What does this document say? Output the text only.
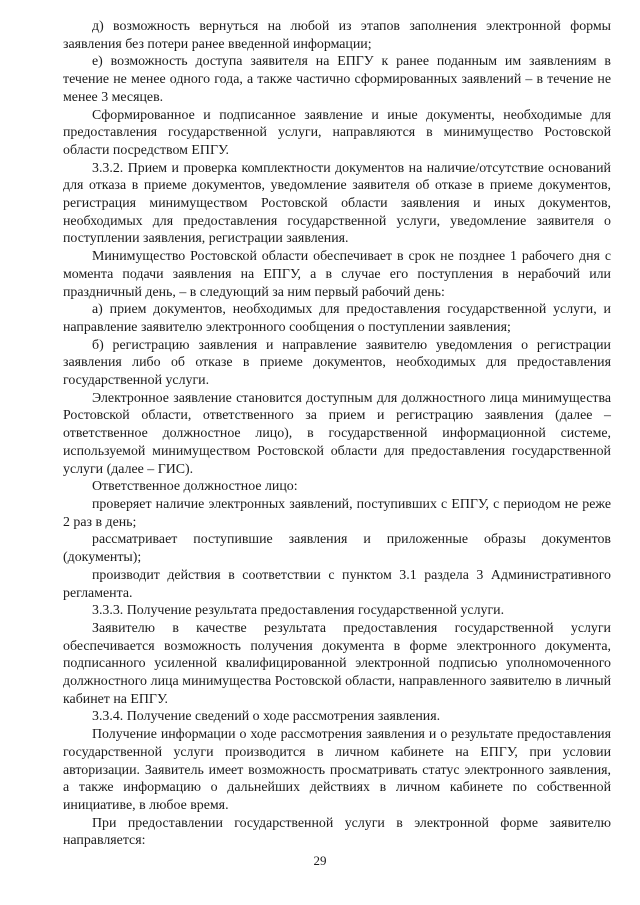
д) возможность вернуться на любой из этапов заполнения электронной формы заявления без потери ранее введенной информации;

е) возможность доступа заявителя на ЕПГУ к ранее поданным им заявлениям в течение не менее одного года, а также частично сформированных заявлений – в течение не менее 3 месяцев.

Сформированное и подписанное заявление и иные документы, необходимые для предоставления государственной услуги, направляются в минимущество Ростовской области посредством ЕПГУ.

3.3.2. Прием и проверка комплектности документов на наличие/отсутствие оснований для отказа в приеме документов, уведомление заявителя об отказе в приеме документов, регистрация минимуществом Ростовской области заявления и иных документов, необходимых для предоставления государственной услуги, уведомление заявителя о поступлении заявления, регистрации заявления.

Минимущество Ростовской области обеспечивает в срок не позднее 1 рабочего дня с момента подачи заявления на ЕПГУ, а в случае его поступления в нерабочий или праздничный день, – в следующий за ним первый рабочий день:

а) прием документов, необходимых для предоставления государственной услуги, и направление заявителю электронного сообщения о поступлении заявления;

б) регистрацию заявления и направление заявителю уведомления о регистрации заявления либо об отказе в приеме документов, необходимых для предоставления государственной услуги.

Электронное заявление становится доступным для должностного лица минимущества Ростовской области, ответственного за прием и регистрацию заявления (далее – ответственное должностное лицо), в государственной информационной системе, используемой минимуществом Ростовской области для предоставления государственной услуги (далее – ГИС).

Ответственное должностное лицо:

проверяет наличие электронных заявлений, поступивших с ЕПГУ, с периодом не реже 2 раз в день;

рассматривает поступившие заявления и приложенные образы документов (документы);

производит действия в соответствии с пунктом 3.1 раздела 3 Административного регламента.

3.3.3. Получение результата предоставления государственной услуги.

Заявителю в качестве результата предоставления государственной услуги обеспечивается возможность получения документа в форме электронного документа, подписанного усиленной квалифицированной электронной подписью уполномоченного должностного лица минимущества Ростовской области, направленного заявителю в личный кабинет на ЕПГУ.

3.3.4. Получение сведений о ходе рассмотрения заявления.

Получение информации о ходе рассмотрения заявления и о результате предоставления государственной услуги производится в личном кабинете на ЕПГУ, при условии авторизации. Заявитель имеет возможность просматривать статус электронного заявления, а также информацию о дальнейших действиях в личном кабинете по собственной инициативе, в любое время.

При предоставлении государственной услуги в электронной форме заявителю направляется:

29
